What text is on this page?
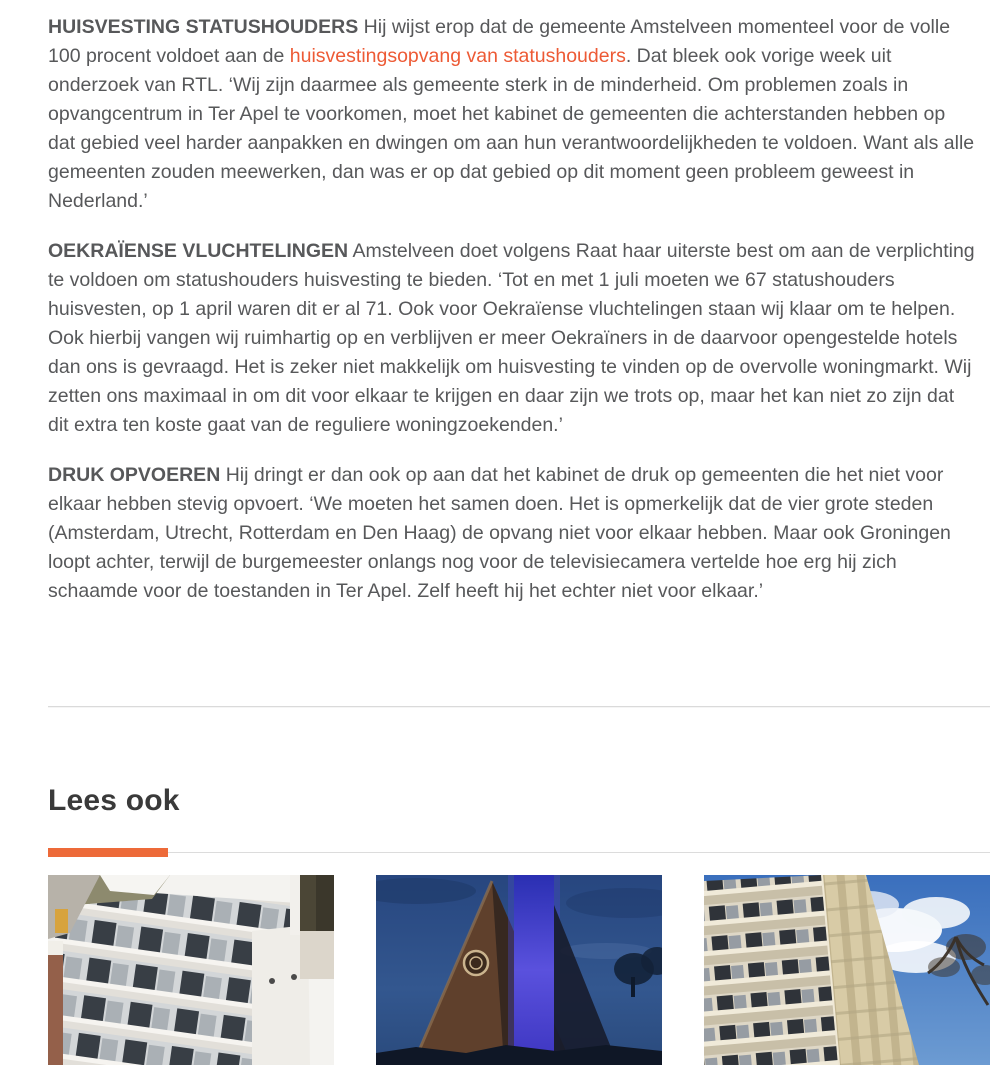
HUISVESTING STATUSHOUDERS Hij wijst erop dat de gemeente Amstelveen momenteel voor de volle 100 procent voldoet aan de huisvestingsopvang van statushouders. Dat bleek ook vorige week uit onderzoek van RTL. ‘Wij zijn daarmee als gemeente sterk in de minderheid. Om problemen zoals in opvangcentrum in Ter Apel te voorkomen, moet het kabinet de gemeenten die achterstanden hebben op dat gebied veel harder aanpakken en dwingen om aan hun verantwoordelijkheden te voldoen. Want als alle gemeenten zouden meewerken, dan was er op dat gebied op dit moment geen probleem geweest in Nederland.’

OEKRAÏENSE VLUCHTELINGEN Amstelveen doet volgens Raat haar uiterste best om aan de verplichting te voldoen om statushouders huisvesting te bieden. ‘Tot en met 1 juli moeten we 67 statushouders huisvesten, op 1 april waren dit er al 71. Ook voor Oekraïense vluchtelingen staan wij klaar om te helpen. Ook hierbij vangen wij ruimhartig op en verblijven er meer Oekraïners in de daarvoor opengestelde hotels dan ons is gevraagd. Het is zeker niet makkelijk om huisvesting te vinden op de overvolle woningmarkt. Wij zetten ons maximaal in om dit voor elkaar te krijgen en daar zijn we trots op, maar het kan niet zo zijn dat dit extra ten koste gaat van de reguliere woningzoekenden.’

DRUK OPVOEREN Hij dringt er dan ook op aan dat het kabinet de druk op gemeenten die het niet voor elkaar hebben stevig opvoert. ‘We moeten het samen doen. Het is opmerkelijk dat de vier grote steden (Amsterdam, Utrecht, Rotterdam en Den Haag) de opvang niet voor elkaar hebben. Maar ook Groningen loopt achter, terwijl de burgemeester onlangs nog voor de televisiecamera vertelde hoe erg hij zich schaamde voor de toestanden in Ter Apel. Zelf heeft hij het echter niet voor elkaar.’

Lees ook
